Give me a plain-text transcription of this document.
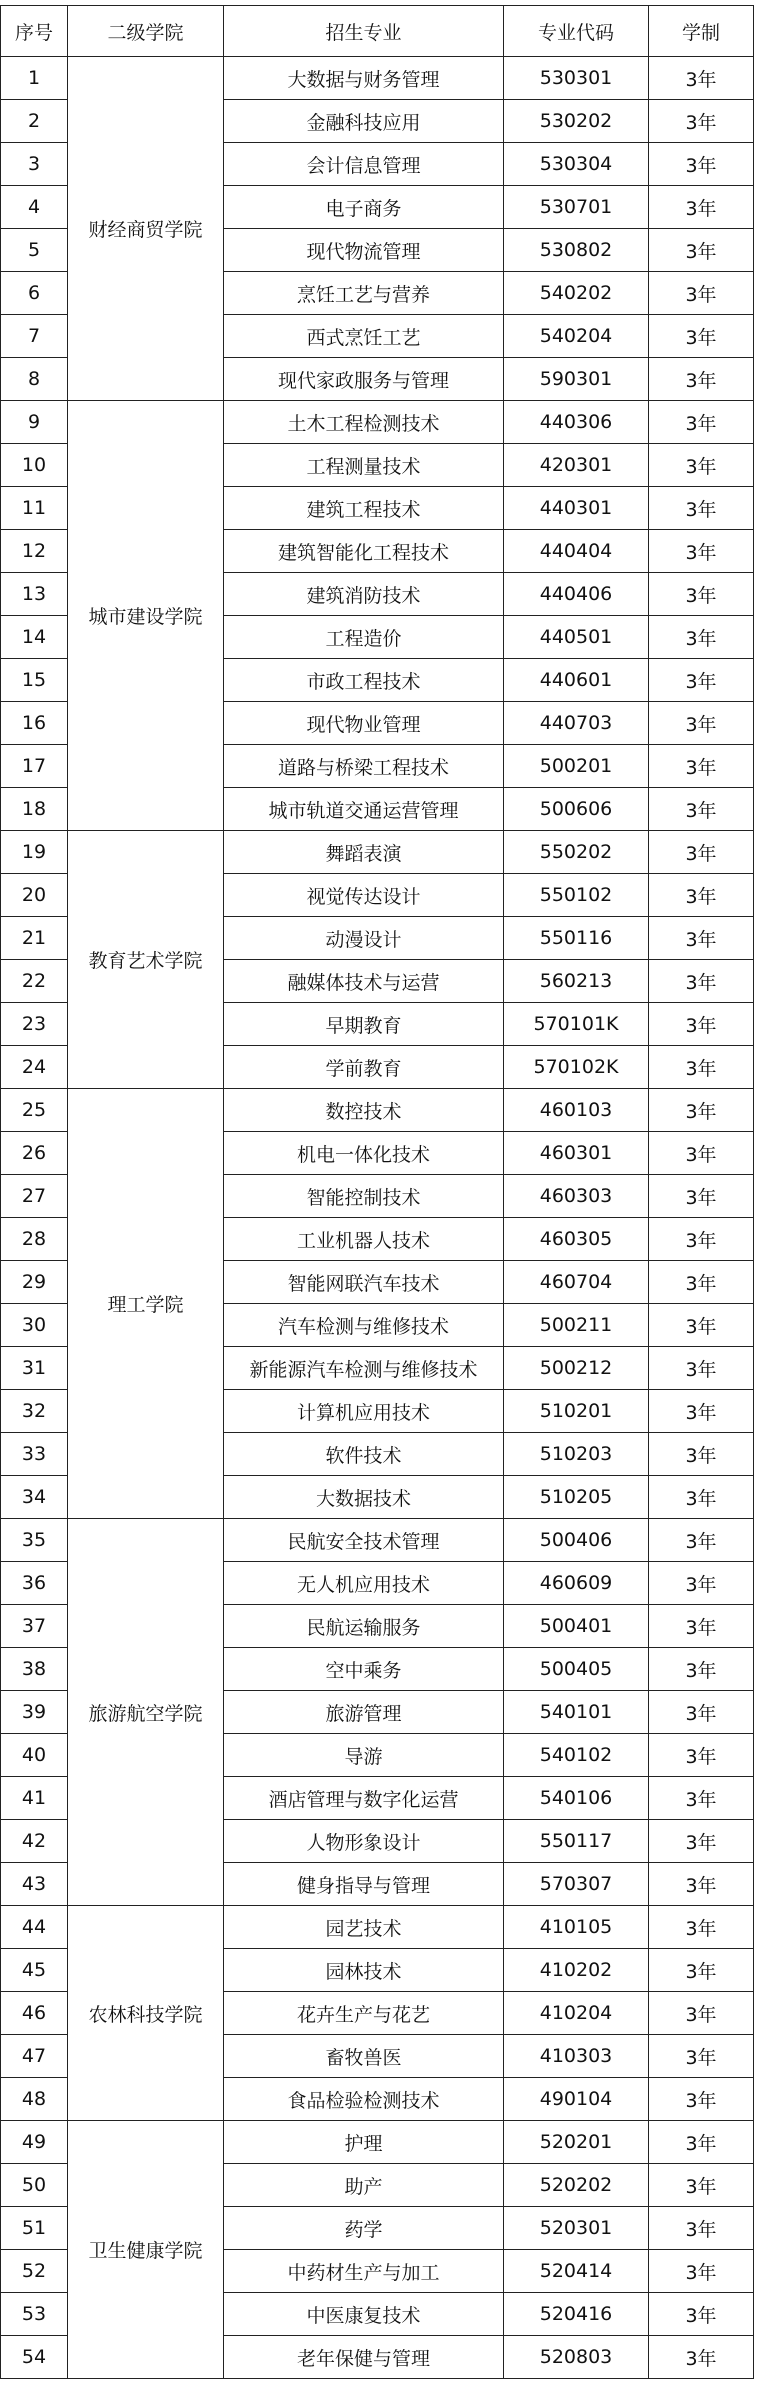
序号	二级学院	招生专业	专业代码	学制
1	财经商贸学院	大数据与财务管理	530301	3年
2		金融科技应用	530202	3年
3		会计信息管理	530304	3年
4		电子商务	530701	3年
5		现代物流管理	530802	3年
6		烹饪工艺与营养	540202	3年
7		西式烹饪工艺	540204	3年
8		现代家政服务与管理	590301	3年
9	城市建设学院	土木工程检测技术	440306	3年
10		工程测量技术	420301	3年
11		建筑工程技术	440301	3年
12		建筑智能化工程技术	440404	3年
13		建筑消防技术	440406	3年
14		工程造价	440501	3年
15		市政工程技术	440601	3年
16		现代物业管理	440703	3年
17		道路与桥梁工程技术	500201	3年
18		城市轨道交通运营管理	500606	3年
19	教育艺术学院	舞蹈表演	550202	3年
20		视觉传达设计	550102	3年
21		动漫设计	550116	3年
22		融媒体技术与运营	560213	3年
23		早期教育	570101K	3年
24		学前教育	570102K	3年
25	理工学院	数控技术	460103	3年
26		机电一体化技术	460301	3年
27		智能控制技术	460303	3年
28		工业机器人技术	460305	3年
29		智能网联汽车技术	460704	3年
30		汽车检测与维修技术	500211	3年
31		新能源汽车检测与维修技术	500212	3年
32		计算机应用技术	510201	3年
33		软件技术	510203	3年
34		大数据技术	510205	3年
35	旅游航空学院	民航安全技术管理	500406	3年
36		无人机应用技术	460609	3年
37		民航运输服务	500401	3年
38		空中乘务	500405	3年
39		旅游管理	540101	3年
40		导游	540102	3年
41		酒店管理与数字化运营	540106	3年
42		人物形象设计	550117	3年
43		健身指导与管理	570307	3年
44	农林科技学院	园艺技术	410105	3年
45		园林技术	410202	3年
46		花卉生产与花艺	410204	3年
47		畜牧兽医	410303	3年
48		食品检验检测技术	490104	3年
49	卫生健康学院	护理	520201	3年
50		助产	520202	3年
51		药学	520301	3年
52		中药材生产与加工	520414	3年
53		中医康复技术	520416	3年
54		老年保健与管理	520803	3年
